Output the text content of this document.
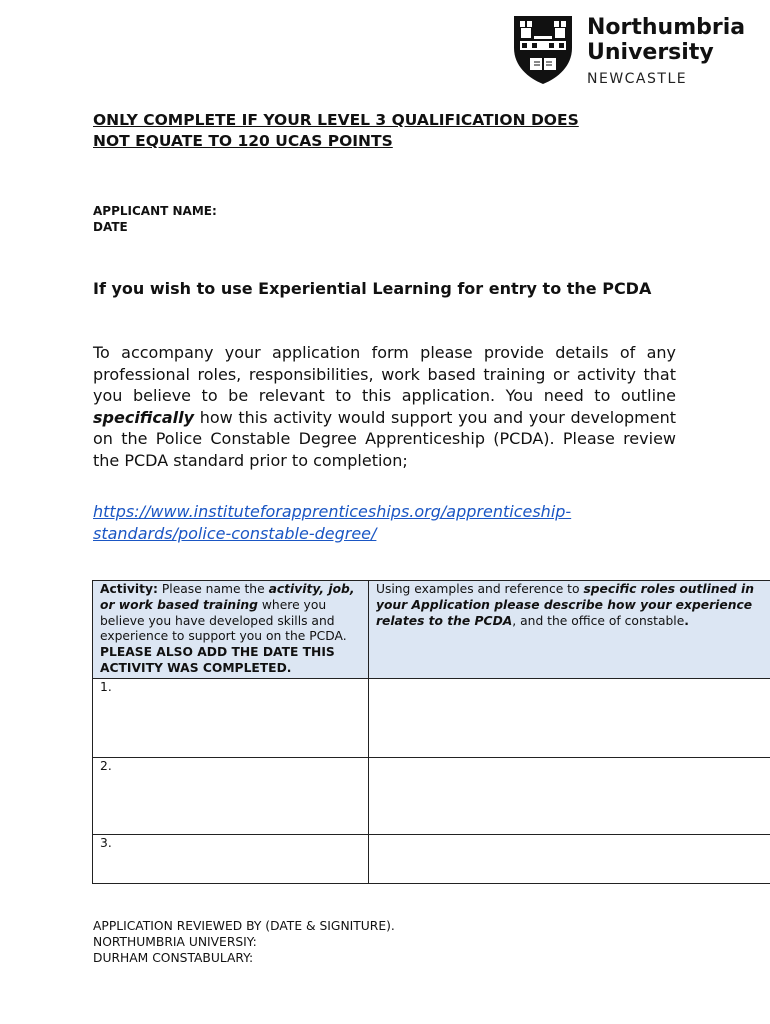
Northumbria
University
NEWCASTLE

ONLY COMPLETE IF YOUR LEVEL 3 QUALIFICATION DOES
NOT EQUATE TO 120 UCAS POINTS

APPLICANT NAME:
DATE

If you wish to use Experiential Learning for entry to the PCDA

To accompany your application form please provide details of any professional roles, responsibilities, work based training or activity that you believe to be relevant to this application. You need to outline specifically how this activity would support you and your development on the Police Constable Degree Apprenticeship (PCDA). Please review the PCDA standard prior to completion;

https://www.instituteforapprenticeships.org/apprenticeship-
standards/police-constable-degree/
Activity: Please name the activity, job, or work based training where you believe you have developed skills and experience to support you on the PCDA. PLEASE ALSO ADD THE DATE THIS ACTIVITY WAS COMPLETED.	Using examples and reference to specific roles outlined in your Application please describe how your experience relates to the PCDA, and the office of constable.
1.	
2.	
3.	
APPLICATION REVIEWED BY (DATE & SIGNITURE).
NORTHUMBRIA UNIVERSIY:
DURHAM CONSTABULARY:
